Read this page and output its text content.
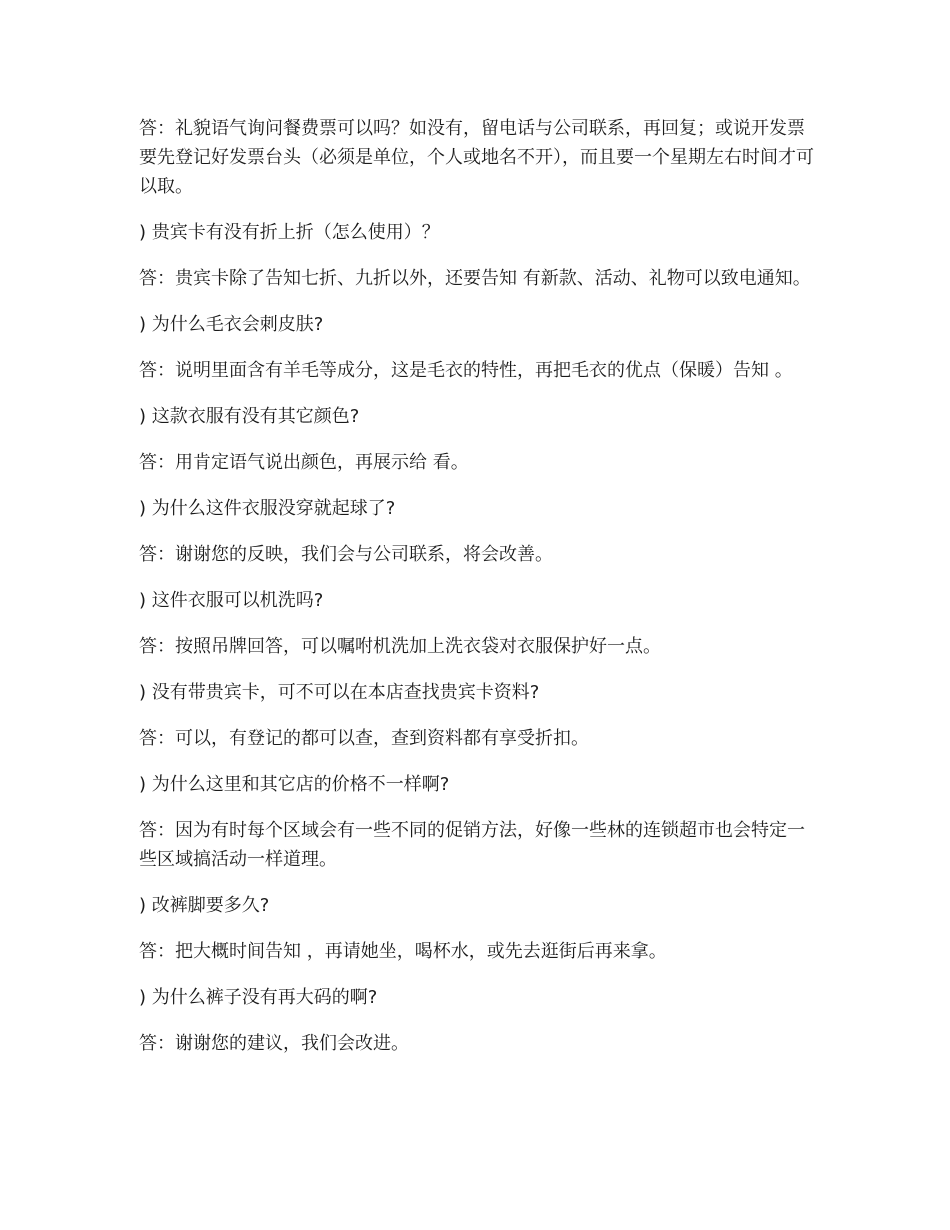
答：礼貌语气询问餐费票可以吗？如没有，留电话与公司联系，再回复；或说开发票要先登记好发票台头（必须是单位，个人或地名不开），而且要一个星期左右时间才可以取。

) 贵宾卡有没有折上折（怎么使用）？

答：贵宾卡除了告知七折、九折以外，还要告知 有新款、活动、礼物可以致电通知。

) 为什么毛衣会刺皮肤?

答：说明里面含有羊毛等成分，这是毛衣的特性，再把毛衣的优点（保暖）告知 。

) 这款衣服有没有其它颜色?

答：用肯定语气说出颜色，再展示给 看。

) 为什么这件衣服没穿就起球了?

答：谢谢您的反映，我们会与公司联系，将会改善。

) 这件衣服可以机洗吗?

答：按照吊牌回答，可以嘱咐机洗加上洗衣袋对衣服保护好一点。

) 没有带贵宾卡，可不可以在本店查找贵宾卡资料?

答：可以，有登记的都可以查，查到资料都有享受折扣。

) 为什么这里和其它店的价格不一样啊?

答：因为有时每个区域会有一些不同的促销方法，好像一些林的连锁超市也会特定一些区域搞活动一样道理。

) 改裤脚要多久?

答：把大概时间告知 ，再请她坐，喝杯水，或先去逛街后再来拿。

) 为什么裤子没有再大码的啊?

答：谢谢您的建议，我们会改进。
